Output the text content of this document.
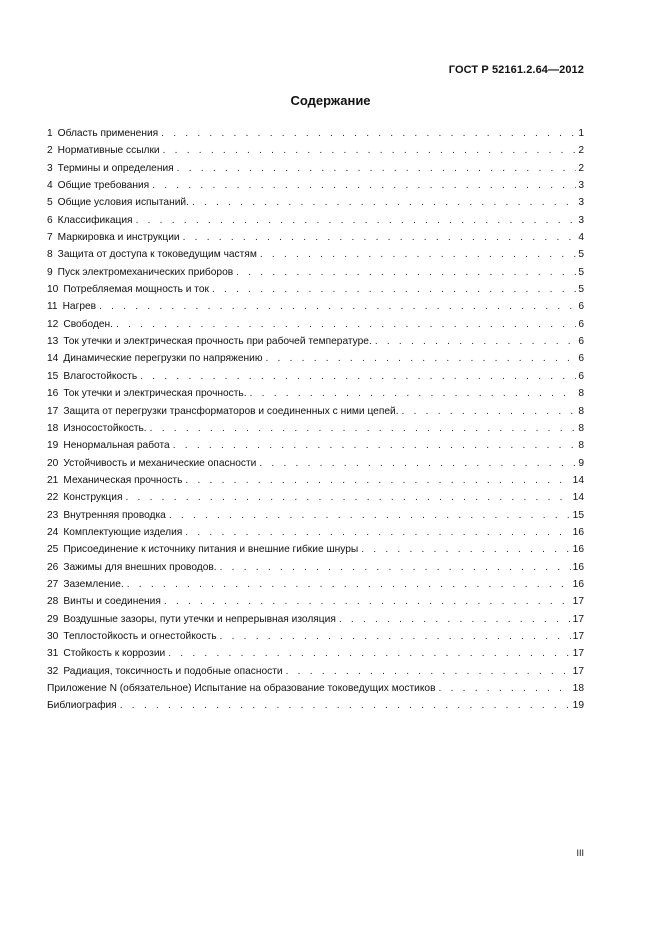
ГОСТ Р 52161.2.64—2012
Содержание
1 Область применения . . .	1
2 Нормативные ссылки . . .	2
3 Термины и определения . . .	2
4 Общие требования . . .	3
5 Общие условия испытаний. . . .	3
6 Классификация . . .	3
7 Маркировка и инструкции . . .	4
8 Защита от доступа к токоведущим частям . . .	5
9 Пуск электромеханических приборов . . .	5
10 Потребляемая мощность и ток . . .	5
11 Нагрев . . .	6
12 Свободен. . . .	6
13 Ток утечки и электрическая прочность при рабочей температуре. . . .	6
14 Динамические перегрузки по напряжению . . .	6
15 Влагостойкость . . .	6
16 Ток утечки и электрическая прочность. . . .	8
17 Защита от перегрузки трансформаторов и соединенных с ними цепей. . . .	8
18 Износостойкость. . . .	8
19 Ненормальная работа . . .	8
20 Устойчивость и механические опасности . . .	9
21 Механическая прочность . . .	14
22 Конструкция . . .	14
23 Внутренняя проводка . . .	15
24 Комплектующие изделия . . .	16
25 Присоединение к источнику питания и внешние гибкие шнуры . . .	16
26 Зажимы для внешних проводов. . . .	16
27 Заземление. . . .	16
28 Винты и соединения . . .	17
29 Воздушные зазоры, пути утечки и непрерывная изоляция . . .	17
30 Теплостойкость и огнестойкость . . .	17
31 Стойкость к коррозии . . .	17
32 Радиация, токсичность и подобные опасности . . .	17
Приложение N (обязательное) Испытание на образование токоведущих мостиков . . .	18
Библиография . . .	19
III
